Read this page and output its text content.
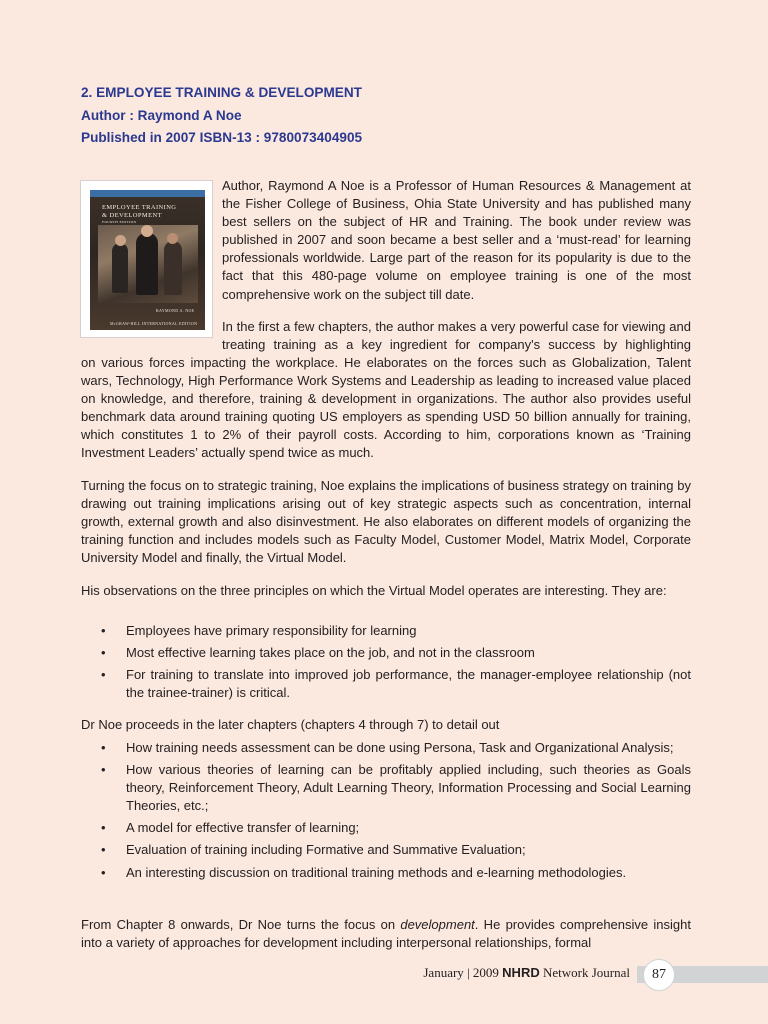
2. EMPLOYEE TRAINING & DEVELOPMENT
Author : Raymond A Noe
Published in 2007 ISBN-13 : 9780073404905
EMPLOYEE TRAINING
& DEVELOPMENT
FOURTH EDITION
RAYMOND A. NOE
McGRAW-HILL INTERNATIONAL EDITION
Author, Raymond A Noe is a Professor of Human Resources & Management at the Fisher College of Business, Ohia State University and has published many best sellers on the subject of HR and Training. The book under review was published in 2007 and soon became a best seller and a ‘must-read’ for learning professionals worldwide. Large part of the reason for its popularity is due to the fact that this 480-page volume on employee training is one of the most comprehensive work on the subject till date.
In the first a few chapters, the author makes a very powerful case for viewing and treating training as a key ingredient for company's success by highlighting
on various forces impacting the workplace. He elaborates on the forces such as Globalization, Talent wars, Technology, High Performance Work Systems and Leadership as leading to increased value placed on knowledge, and therefore, training & development in organizations. The author also provides useful benchmark data around training quoting US employers as spending USD 50 billion annually for training, which constitutes 1 to 2% of their payroll costs. According to him, corporations known as ‘Training Investment Leaders’ actually spend twice as much.
Turning the focus on to strategic training, Noe explains the implications of business strategy on training by drawing out training implications arising out of key strategic aspects such as concentration, internal growth, external growth and also disinvestment. He also elaborates on different models of organizing the training function and includes models such as Faculty Model, Customer Model, Matrix Model, Corporate University Model and finally, the Virtual Model.
His observations on the three principles on which the Virtual Model operates are interesting. They are:
• Employees have primary responsibility for learning
• Most effective learning takes place on the job, and not in the classroom
• For training to translate into improved job performance, the manager-employee relationship (not the trainee-trainer) is critical.
Dr Noe proceeds in the later chapters (chapters 4 through 7) to detail out
• How training needs assessment can be done using Persona, Task and Organizational Analysis;
• How various theories of learning can be profitably applied including, such theories as Goals theory, Reinforcement Theory, Adult Learning Theory, Information Processing and Social Learning Theories, etc.;
• A model for effective transfer of learning;
• Evaluation of training including Formative and Summative Evaluation;
• An interesting discussion on traditional training methods and e-learning methodologies.
From Chapter 8 onwards, Dr Noe turns the focus on development. He provides comprehensive insight into a variety of approaches for development including interpersonal relationships, formal
January | 2009 NHRD Network Journal	87
